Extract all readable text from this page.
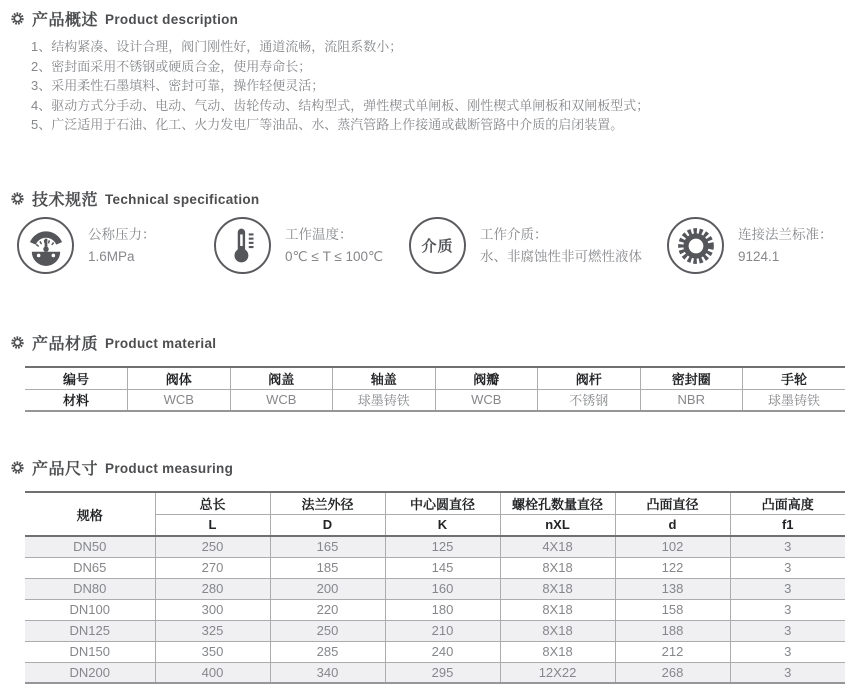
产品概述 Product description
1、结构紧凑、设计合理，阀门刚性好，通道流畅，流阻系数小；
2、密封面采用不锈钢或硬质合金，使用寿命长；
3、采用柔性石墨填料、密封可靠，操作轻便灵活；
4、驱动方式分手动、电动、气动、齿轮传动、结构型式，弹性楔式单闸板、刚性楔式单闸板和双闸板型式；
5、广泛适用于石油、化工、火力发电厂等油品、水、蒸汽管路上作接通或截断管路中介质的启闭装置。
技术规范 Technical specification
公称压力：
1.6MPa
工作温度：
0℃ ≤ T ≤ 100℃
介质
工作介质：
水、非腐蚀性非可燃性液体
连接法兰标准：
9124.1
产品材质 Product material
编号	阀体	阀盖	轴盖	阀瓣	阀杆	密封圈	手轮
材料	WCB	WCB	球墨铸铁	WCB	不锈钢	NBR	球墨铸铁
产品尺寸 Product measuring
规格	总长	法兰外径	中心圆直径	螺栓孔数量直径	凸面直径	凸面高度
	L	D	K	nXL	d	f1
DN50	250	165	125	4X18	102	3
DN65	270	185	145	8X18	122	3
DN80	280	200	160	8X18	138	3
DN100	300	220	180	8X18	158	3
DN125	325	250	210	8X18	188	3
DN150	350	285	240	8X18	212	3
DN200	400	340	295	12X22	268	3
